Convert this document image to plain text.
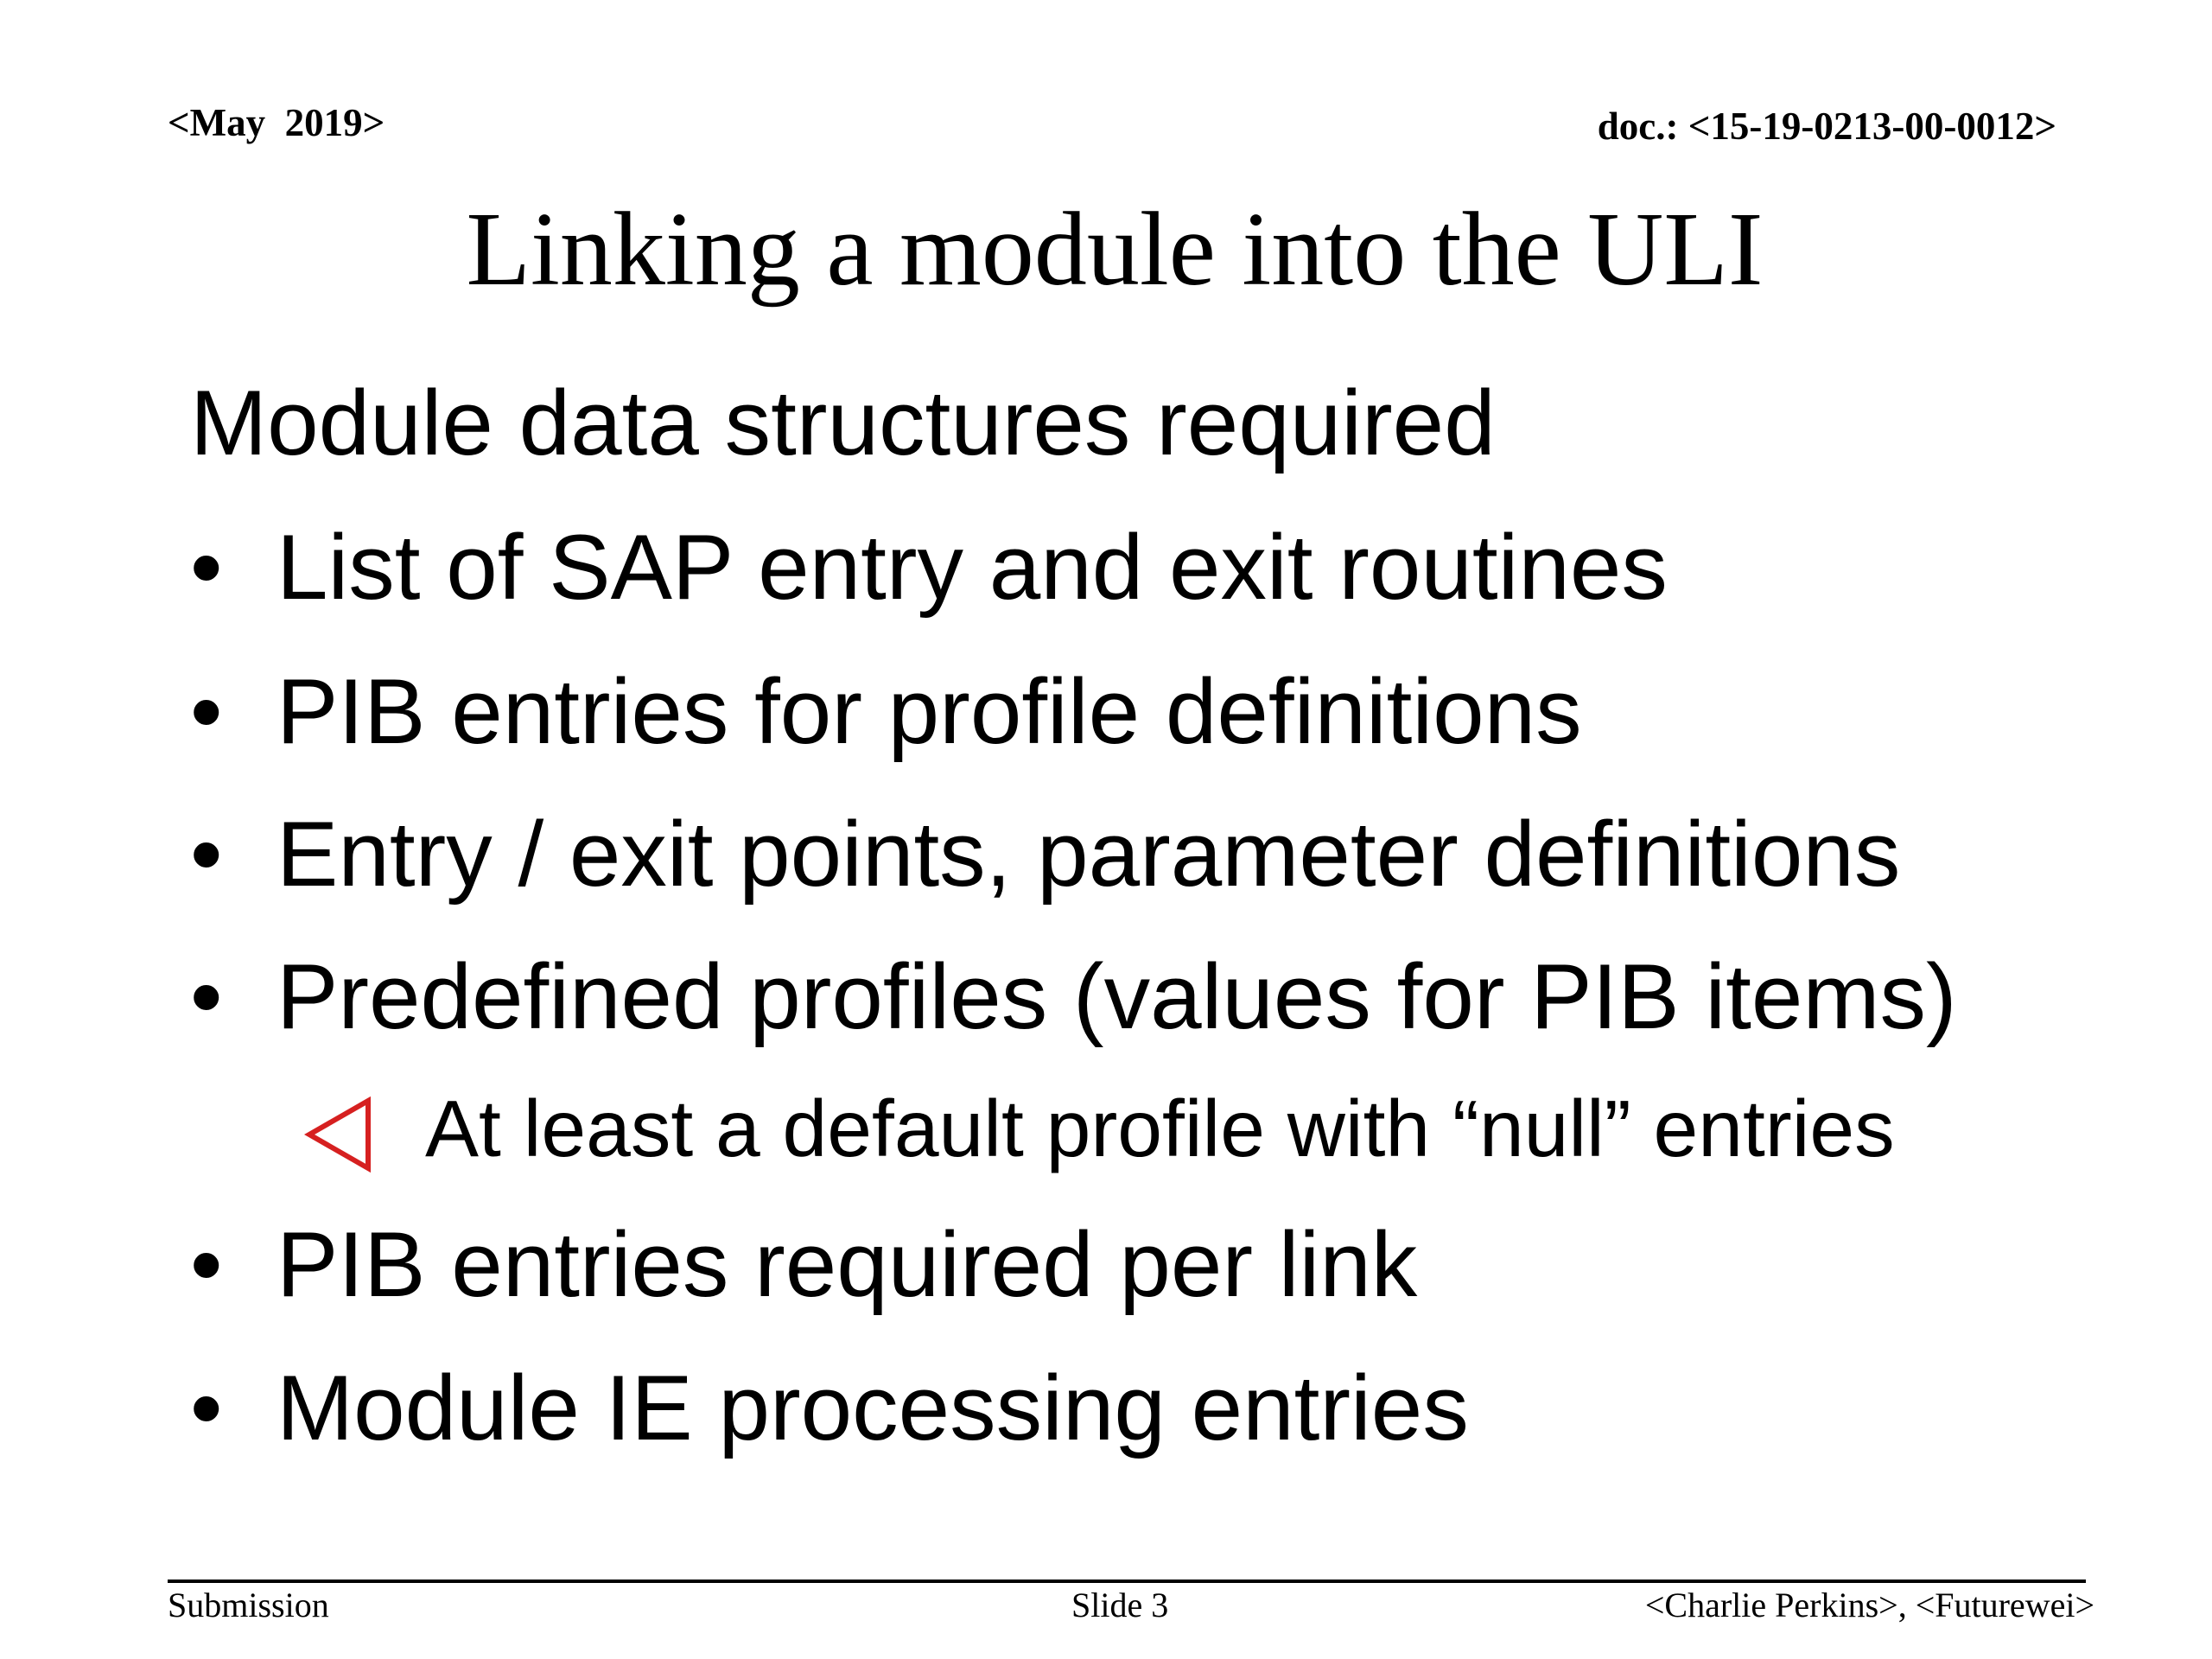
<May  2019>	doc.: <15-19-0213-00-0012>
Linking a module into the ULI
Module data structures required
• List of SAP entry and exit routines
• PIB entries for profile definitions
• Entry / exit points, parameter definitions
• Predefined profiles (values for PIB items)
At least a default profile with “null” entries
• PIB entries required per link
• Module IE processing entries
Submission	Slide 3	<Charlie Perkins>, <Futurewei>
